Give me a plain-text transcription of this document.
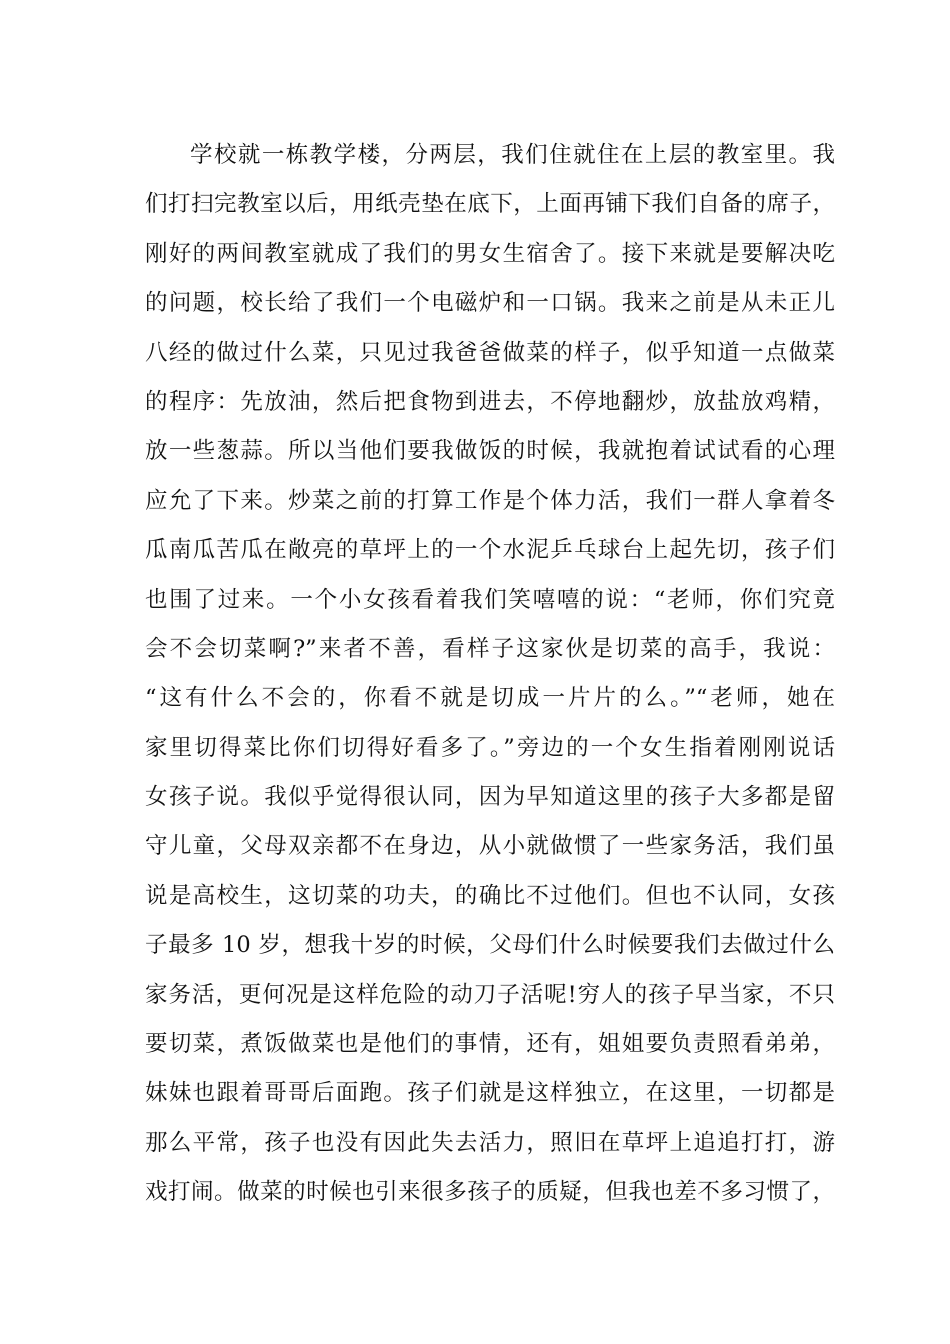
学校就一栋教学楼，分两层，我们住就住在上层的教室里。我
们打扫完教室以后，用纸壳垫在底下，上面再铺下我们自备的席子，
刚好的两间教室就成了我们的男女生宿舍了。接下来就是要解决吃
的问题，校长给了我们一个电磁炉和一口锅。我来之前是从未正儿
八经的做过什么菜，只见过我爸爸做菜的样子，似乎知道一点做菜
的程序：先放油，然后把食物到进去，不停地翻炒，放盐放鸡精，
放一些葱蒜。所以当他们要我做饭的时候，我就抱着试试看的心理
应允了下来。炒菜之前的打算工作是个体力活，我们一群人拿着冬
瓜南瓜苦瓜在敞亮的草坪上的一个水泥乒乓球台上起先切，孩子们
也围了过来。一个小女孩看着我们笑嘻嘻的说：“老师，你们究竟
会不会切菜啊?”来者不善，看样子这家伙是切菜的高手，我说：
“这有什么不会的，你看不就是切成一片片的么。”“老师，她在
家里切得菜比你们切得好看多了。”旁边的一个女生指着刚刚说话
女孩子说。我似乎觉得很认同，因为早知道这里的孩子大多都是留
守儿童，父母双亲都不在身边，从小就做惯了一些家务活，我们虽
说是高校生，这切菜的功夫，的确比不过他们。但也不认同，女孩
子最多 10 岁，想我十岁的时候，父母们什么时候要我们去做过什么
家务活，更何况是这样危险的动刀子活呢!穷人的孩子早当家，不只
要切菜，煮饭做菜也是他们的事情，还有，姐姐要负责照看弟弟，
妹妹也跟着哥哥后面跑。孩子们就是这样独立，在这里，一切都是
那么平常，孩子也没有因此失去活力，照旧在草坪上追追打打，游
戏打闹。做菜的时候也引来很多孩子的质疑，但我也差不多习惯了，
